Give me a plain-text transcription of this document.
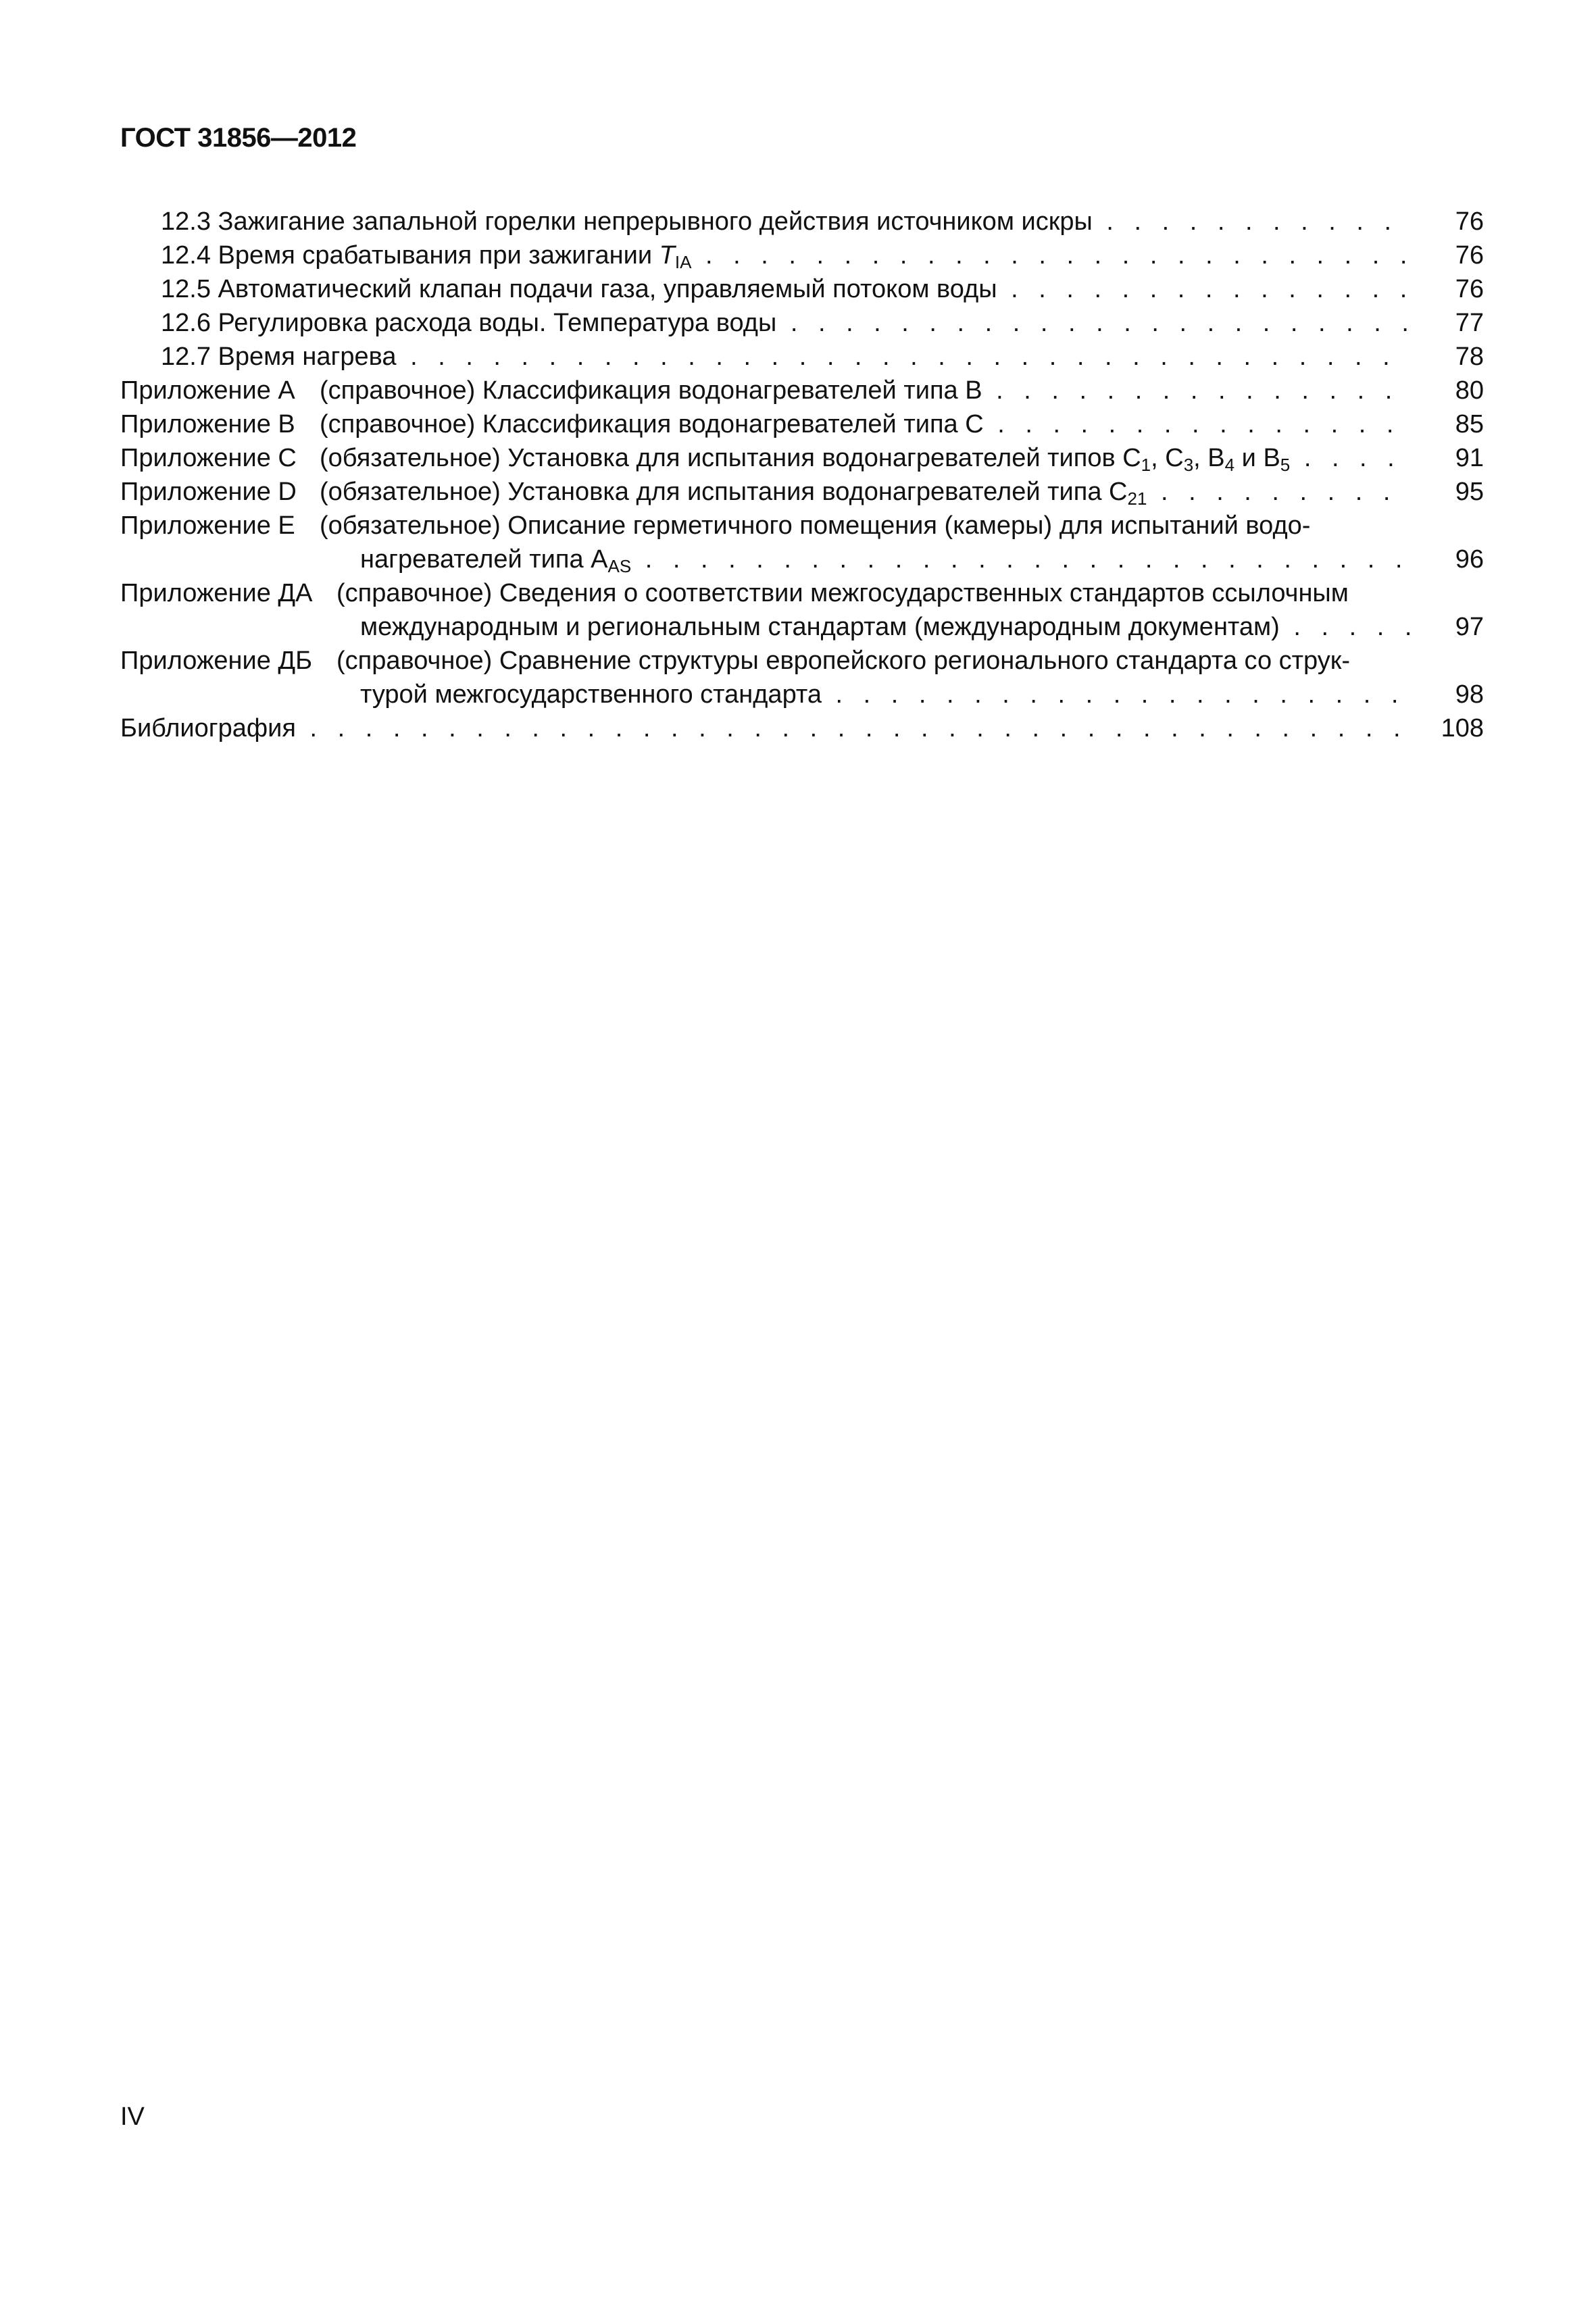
ГОСТ 31856—2012
12.3 Зажигание запальной горелки непрерывного действия источником искры . . .	76
12.4 Время срабатывания при зажигании $T_{IA}$ . . .	76
12.5 Автоматический клапан подачи газа, управляемый потоком воды . . .	76
12.6 Регулировка расхода воды. Температура воды . . .	77
12.7 Время нагрева . . .	78
Приложение А (справочное) Классификация водонагревателей типа В . . .	80
Приложение В (справочное) Классификация водонагревателей типа С . . .	85
Приложение С (обязательное) Установка для испытания водонагревателей типов $С_1$, $С_3$, $В_4$ и $В_5$ . . .	91
Приложение D (обязательное) Установка для испытания водонагревателей типа $С_{21}$ . . .	95
Приложение Е (обязательное) Описание герметичного помещения (камеры) для испытаний водо-
нагревателей типа $А_{AS}$ . . .	96
Приложение ДА (справочное) Сведения о соответствии межгосударственных стандартов ссылочным
международным и региональным стандартам (международным документам) . . .	97
Приложение ДБ (справочное) Сравнение структуры европейского регионального стандарта со струк-
турой межгосударственного стандарта . . .	98
Библиография . . .	108
IV
